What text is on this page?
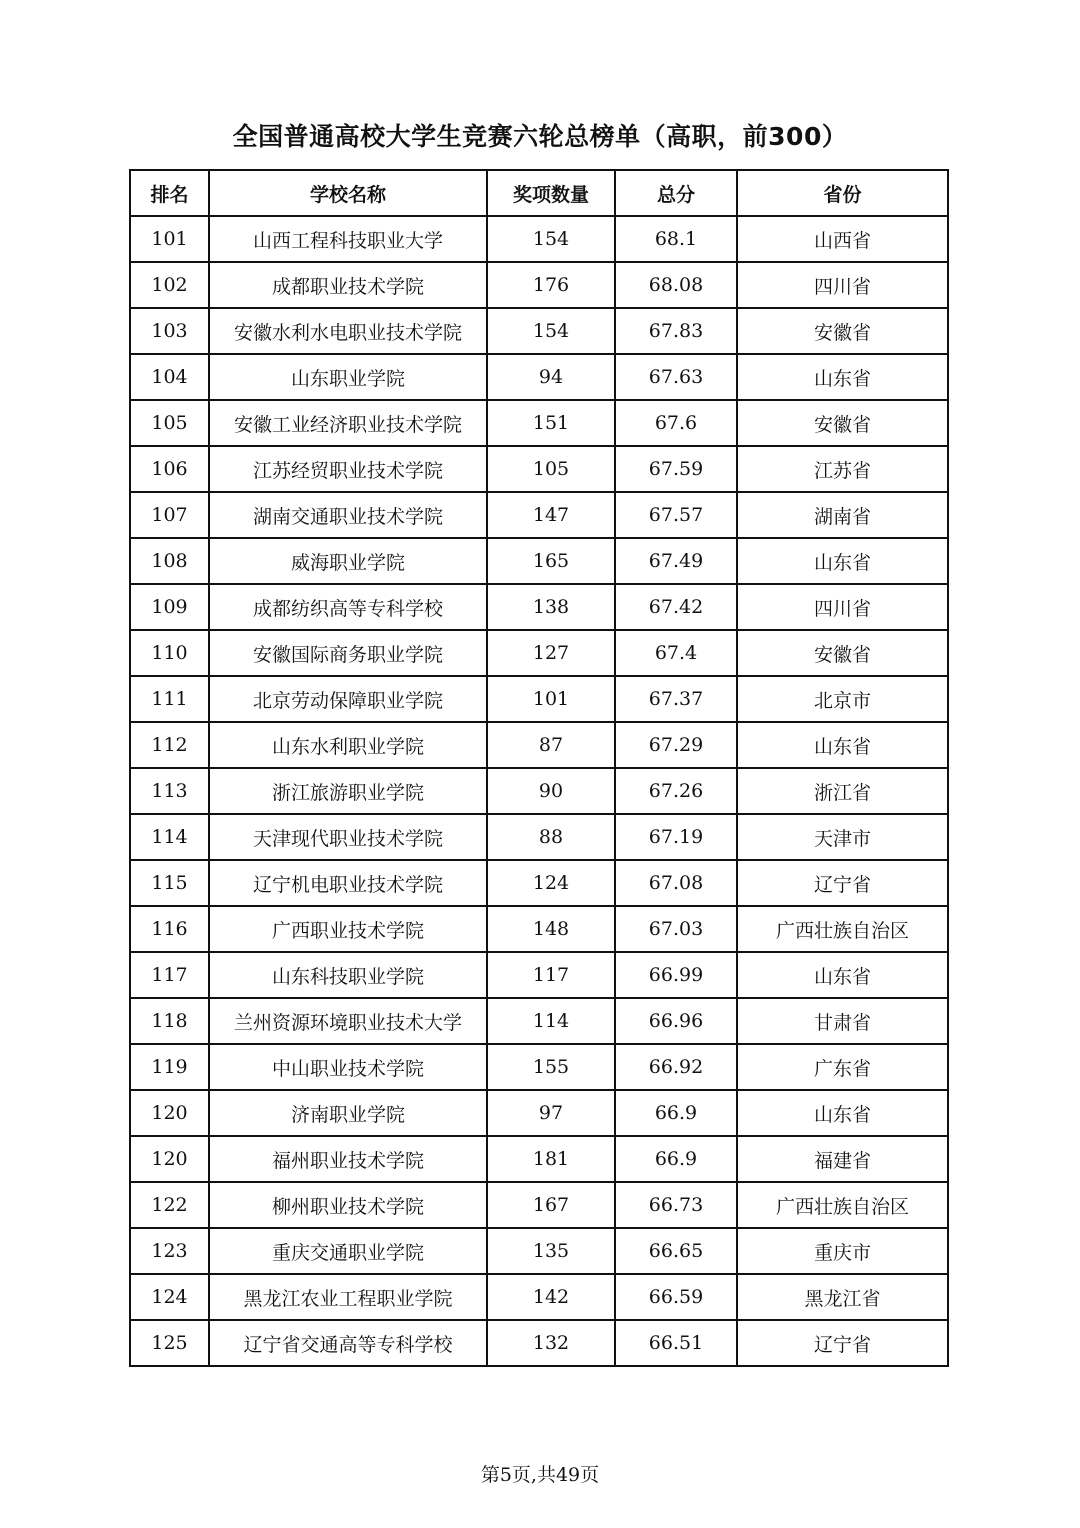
全国普通高校大学生竞赛六轮总榜单（高职，前300）
排名	学校名称	奖项数量	总分	省份
101	山西工程科技职业大学	154	68.1	山西省
102	成都职业技术学院	176	68.08	四川省
103	安徽水利水电职业技术学院	154	67.83	安徽省
104	山东职业学院	94	67.63	山东省
105	安徽工业经济职业技术学院	151	67.6	安徽省
106	江苏经贸职业技术学院	105	67.59	江苏省
107	湖南交通职业技术学院	147	67.57	湖南省
108	威海职业学院	165	67.49	山东省
109	成都纺织高等专科学校	138	67.42	四川省
110	安徽国际商务职业学院	127	67.4	安徽省
111	北京劳动保障职业学院	101	67.37	北京市
112	山东水利职业学院	87	67.29	山东省
113	浙江旅游职业学院	90	67.26	浙江省
114	天津现代职业技术学院	88	67.19	天津市
115	辽宁机电职业技术学院	124	67.08	辽宁省
116	广西职业技术学院	148	67.03	广西壮族自治区
117	山东科技职业学院	117	66.99	山东省
118	兰州资源环境职业技术大学	114	66.96	甘肃省
119	中山职业技术学院	155	66.92	广东省
120	济南职业学院	97	66.9	山东省
120	福州职业技术学院	181	66.9	福建省
122	柳州职业技术学院	167	66.73	广西壮族自治区
123	重庆交通职业学院	135	66.65	重庆市
124	黑龙江农业工程职业学院	142	66.59	黑龙江省
125	辽宁省交通高等专科学校	132	66.51	辽宁省
第5页,共49页
